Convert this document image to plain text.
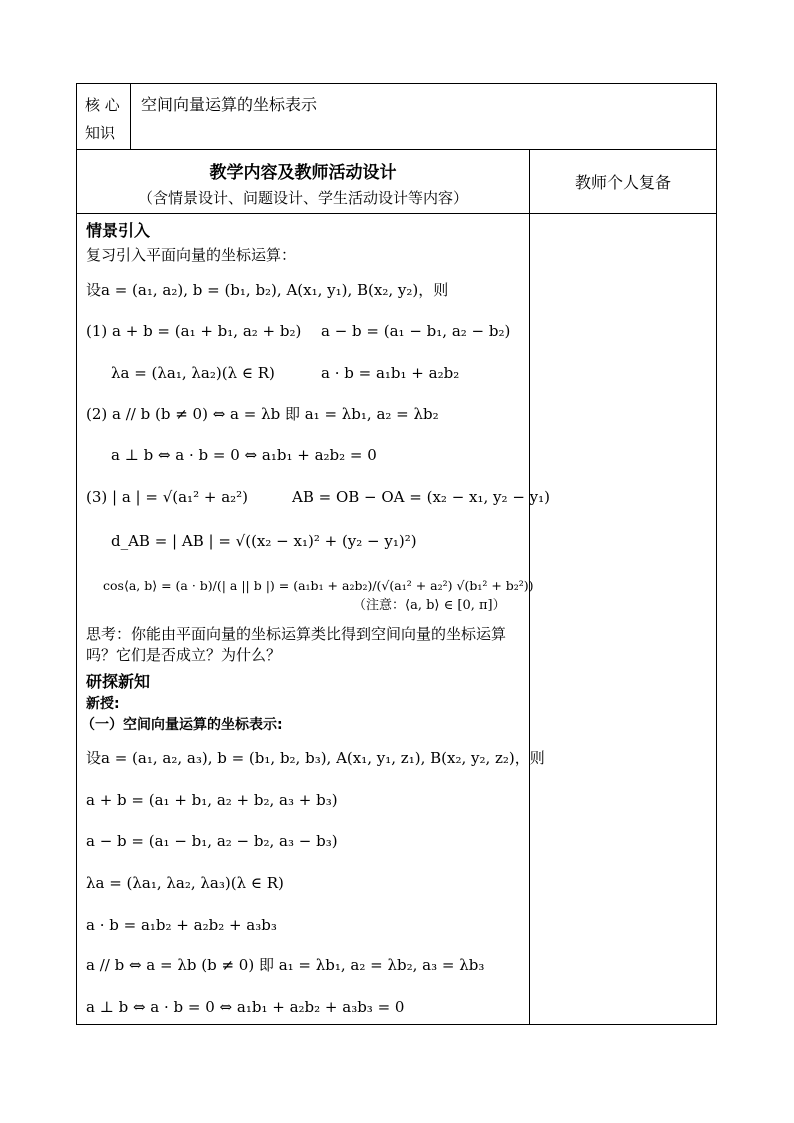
核 心
知识
空间向量运算的坐标表示
教学内容及教师活动设计
（含情景设计、问题设计、学生活动设计等内容）
教师个人复备
情景引入
复习引入平面向量的坐标运算：
设a = (a₁, a₂), b = (b₁, b₂), A(x₁, y₁), B(x₂, y₂)，则
(1) a + b = (a₁ + b₁, a₂ + b₂) a − b = (a₁ − b₁, a₂ − b₂)
λa = (λa₁, λa₂)(λ ∈ R)	a · b = a₁b₁ + a₂b₂
(2) a // b (b ≠ 0) ⇔ a = λb 即 a₁ = λb₁, a₂ = λb₂
a ⊥ b ⇔ a · b = 0 ⇔ a₁b₁ + a₂b₂ = 0
(3) | a | = √(a₁² + a₂²)	AB = OB − OA = (x₂ − x₁, y₂ − y₁)
d_AB = | AB | = √((x₂ − x₁)² + (y₂ − y₁)²)
cos⟨a, b⟩ = (a · b)/(| a || b |) = (a₁b₁ + a₂b₂)/(√(a₁² + a₂²) √(b₁² + b₂²))
（注意：⟨a, b⟩ ∈ [0, π]）
思考：你能由平面向量的坐标运算类比得到空间向量的坐标运算吗？它们是否成立？为什么？
研探新知
新授:
（一）空间向量运算的坐标表示:
设a = (a₁, a₂, a₃), b = (b₁, b₂, b₃), A(x₁, y₁, z₁), B(x₂, y₂, z₂)，则
a + b = (a₁ + b₁, a₂ + b₂, a₃ + b₃)
a − b = (a₁ − b₁, a₂ − b₂, a₃ − b₃)
λa = (λa₁, λa₂, λa₃)(λ ∈ R)
a · b = a₁b₂ + a₂b₂ + a₃b₃
a // b ⇔ a = λb (b ≠ 0) 即 a₁ = λb₁, a₂ = λb₂, a₃ = λb₃
a ⊥ b ⇔ a · b = 0 ⇔ a₁b₁ + a₂b₂ + a₃b₃ = 0
